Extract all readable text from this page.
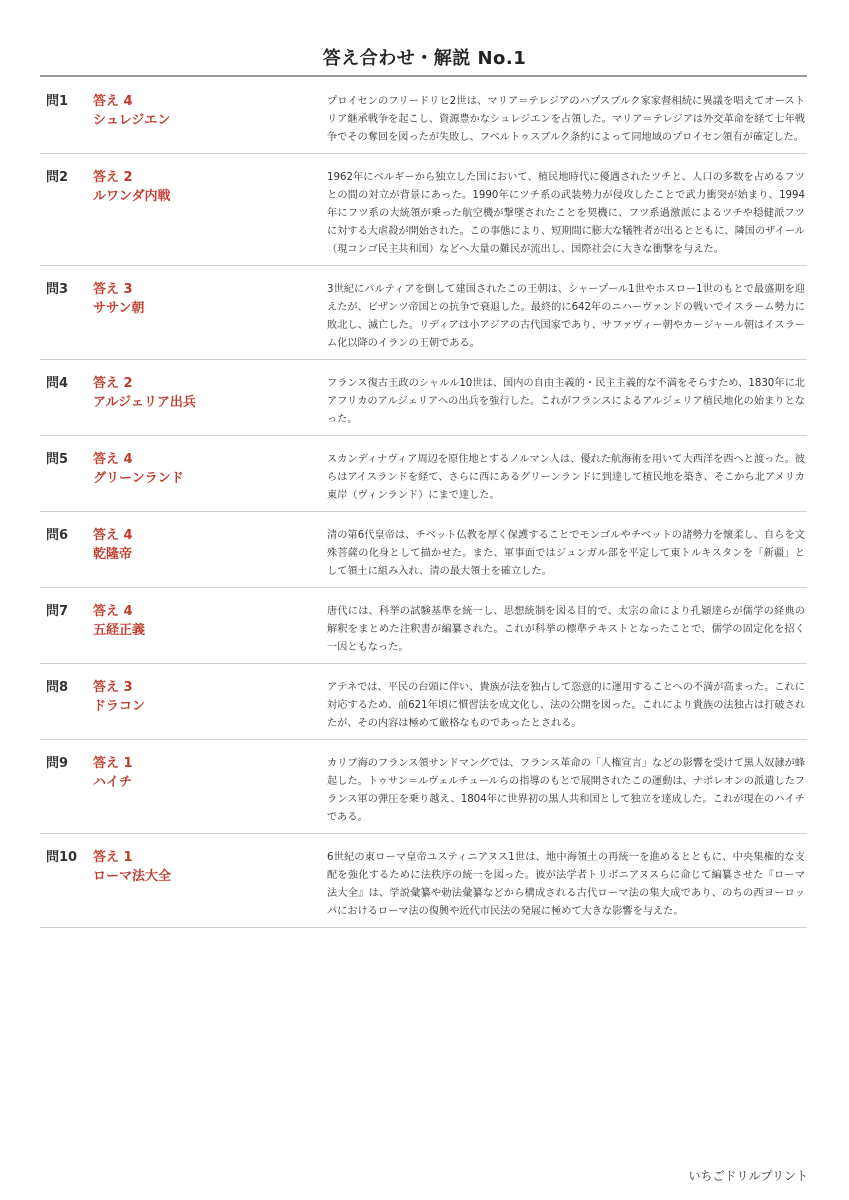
答え合わせ・解説 No.1
問1	答え 4
シュレジエン
プロイセンのフリードリヒ2世は、マリア＝テレジアのハプスブルク家家督相続に異議を唱えてオーストリア継承戦争を起こし、資源豊かなシュレジエンを占領した。マリア＝テレジアは外交革命を経て七年戦争でその奪回を図ったが失敗し、フベルトゥスブルク条約によって同地域のプロイセン領有が確定した。
問2	答え 2
ルワンダ内戦
1962年にベルギーから独立した国において、植民地時代に優遇されたツチと、人口の多数を占めるフツとの間の対立が背景にあった。1990年にツチ系の武装勢力が侵攻したことで武力衝突が始まり、1994年にフツ系の大統領が乗った航空機が撃墜されたことを契機に、フツ系過激派によるツチや穏健派フツに対する大虐殺が開始された。この事態により、短期間に膨大な犠牲者が出るとともに、隣国のザイール（現コンゴ民主共和国）などへ大量の難民が流出し、国際社会に大きな衝撃を与えた。
問3	答え 3
ササン朝
3世紀にパルティアを倒して建国されたこの王朝は、シャープール1世やホスロー1世のもとで最盛期を迎えたが、ビザンツ帝国との抗争で衰退した。最終的に642年のニハーヴァンドの戦いでイスラーム勢力に敗北し、滅亡した。リディアは小アジアの古代国家であり、サファヴィー朝やカージャール朝はイスラーム化以降のイランの王朝である。
問4	答え 2
アルジェリア出兵
フランス復古王政のシャルル10世は、国内の自由主義的・民主主義的な不満をそらすため、1830年に北アフリカのアルジェリアへの出兵を強行した。これがフランスによるアルジェリア植民地化の始まりとなった。
問5	答え 4
グリーンランド
スカンディナヴィア周辺を原住地とするノルマン人は、優れた航海術を用いて大西洋を西へと渡った。彼らはアイスランドを経て、さらに西にあるグリーンランドに到達して植民地を築き、そこから北アメリカ東岸（ヴィンランド）にまで達した。
問6	答え 4
乾隆帝
清の第6代皇帝は、チベット仏教を厚く保護することでモンゴルやチベットの諸勢力を懐柔し、自らを文殊菩薩の化身として描かせた。また、軍事面ではジュンガル部を平定して東トルキスタンを「新疆」として領土に組み入れ、清の最大領土を確立した。
問7	答え 4
五経正義
唐代には、科挙の試験基準を統一し、思想統制を図る目的で、太宗の命により孔穎達らが儒学の経典の解釈をまとめた注釈書が編纂された。これが科挙の標準テキストとなったことで、儒学の固定化を招く一因ともなった。
問8	答え 3
ドラコン
アテネでは、平民の台頭に伴い、貴族が法を独占して恣意的に運用することへの不満が高まった。これに対応するため、前621年頃に慣習法を成文化し、法の公開を図った。これにより貴族の法独占は打破されたが、その内容は極めて厳格なものであったとされる。
問9	答え 1
ハイチ
カリブ海のフランス領サンドマングでは、フランス革命の「人権宣言」などの影響を受けて黒人奴隷が蜂起した。トゥサン＝ルヴェルチュールらの指導のもとで展開されたこの運動は、ナポレオンの派遣したフランス軍の弾圧を乗り越え、1804年に世界初の黒人共和国として独立を達成した。これが現在のハイチである。
問10	答え 1
ローマ法大全
6世紀の東ローマ皇帝ユスティニアヌス1世は、地中海領土の再統一を進めるとともに、中央集権的な支配を強化するために法秩序の統一を図った。彼が法学者トリボニアヌスらに命じて編纂させた『ローマ法大全』は、学説彙纂や勅法彙纂などから構成される古代ローマ法の集大成であり、のちの西ヨーロッパにおけるローマ法の復興や近代市民法の発展に極めて大きな影響を与えた。
いちごドリルプリント
